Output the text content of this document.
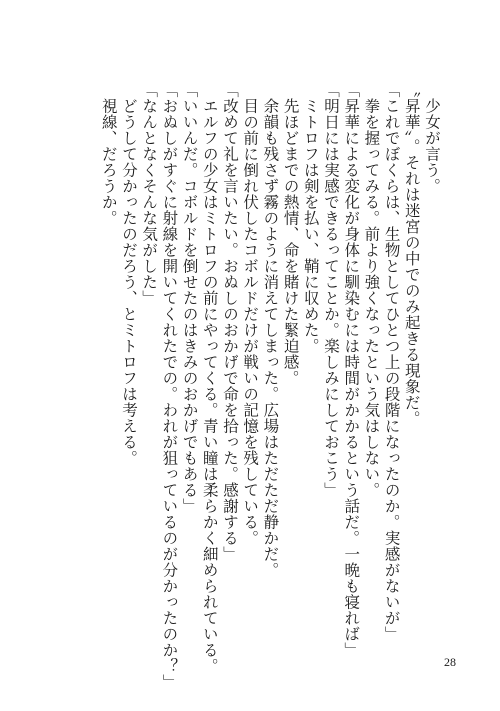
　少女が言う。
〝昇華〟。それは迷宮の中でのみ起きる現象だ。
「これでぼくらは、生物としてひとつ上の段階になったのか。実感がないが」
　拳を握ってみる。前より強くなったという気はしない。
「昇華による変化が身体に馴染むには時間がかかるという話だ。一晩も寝れば」
「明日には実感できるってことか。楽しみにしておこう」
　ミトロフは剣を払い、鞘に収めた。
　先ほどまでの熱情、命を賭けた緊迫感。
　余韻も残さず霧のように消えてしまった。広場はただただ静かだ。
　目の前に倒れ伏したコボルドだけが戦いの記憶を残している。
「改めて礼を言いたい。おぬしのおかげで命を拾った。感謝する」
　エルフの少女はミトロフの前にやってくる。青い瞳は柔らかく細められている。
「いいんだ。コボルドを倒せたのはきみのおかげでもある」
「おぬしがすぐに射線を開いてくれたでの。われが狙っているのが分かったのか？」
「なんとなくそんな気がした」
　どうして分かったのだろう、とミトロフは考える。
　視線、だろうか。
28
